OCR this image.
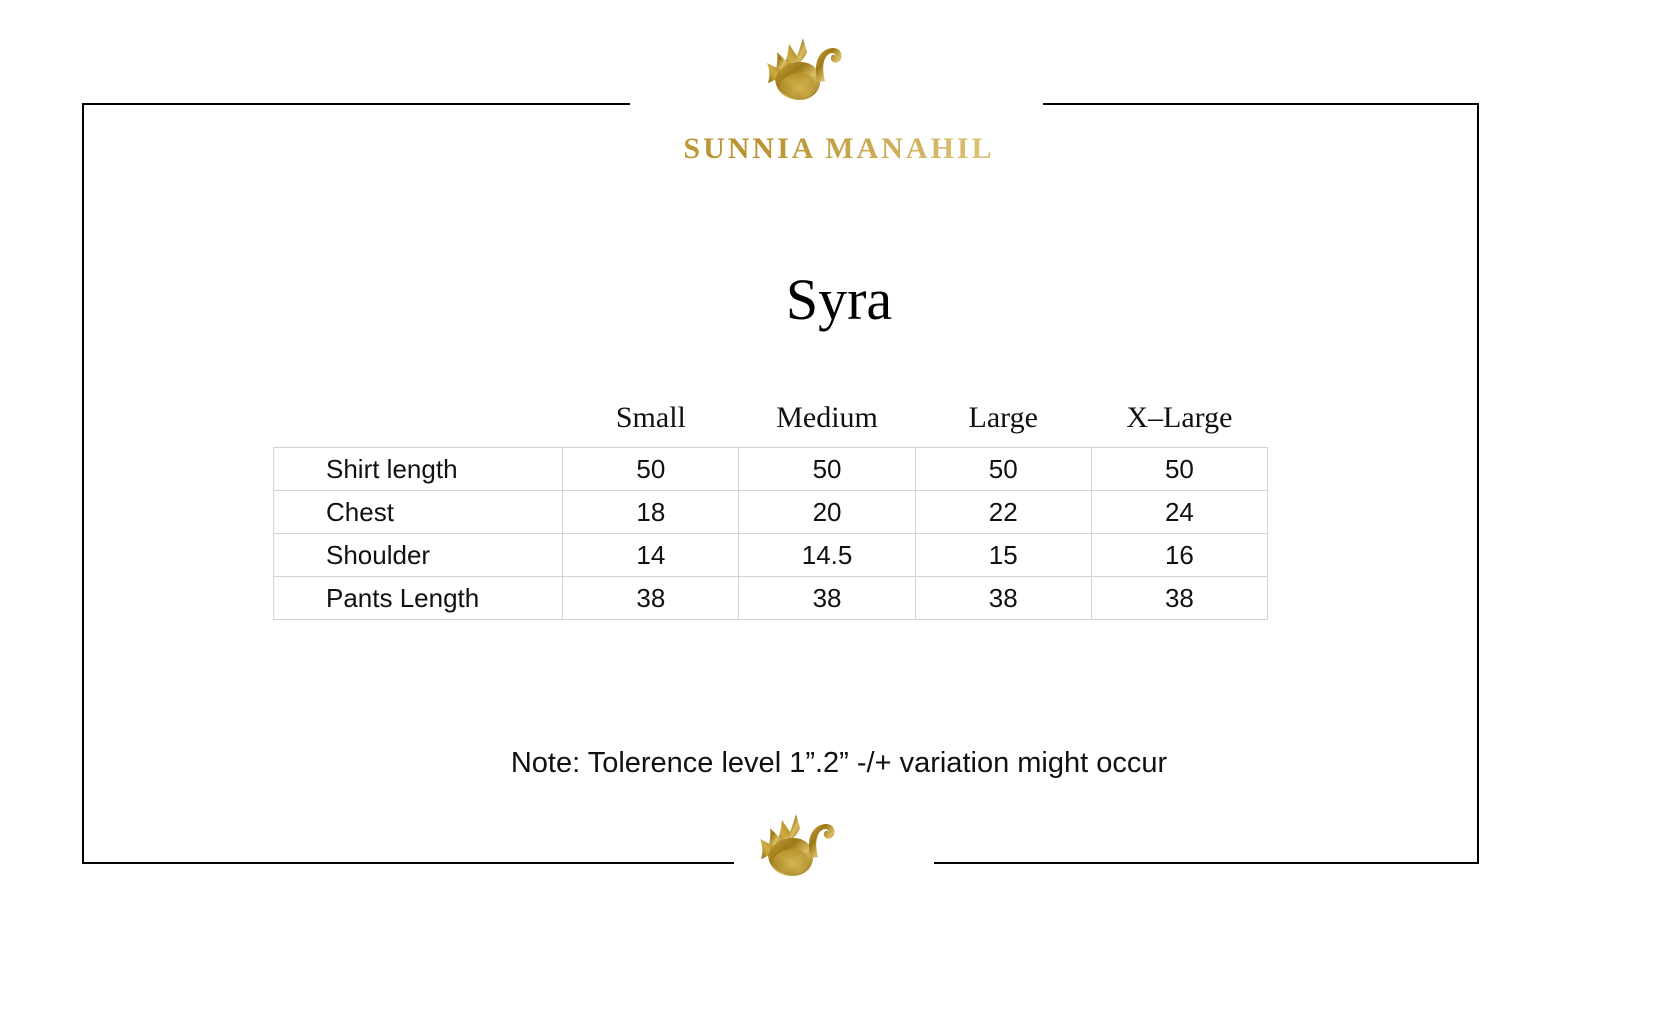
SUNNIA MANAHIL
Syra
	Small	Medium	Large	X–Large
Shirt length	50	50	50	50
Chest	18	20	22	24
Shoulder	14	14.5	15	16
Pants Length	38	38	38	38
Note: Tolerence level 1”.2” -/+ variation might occur
